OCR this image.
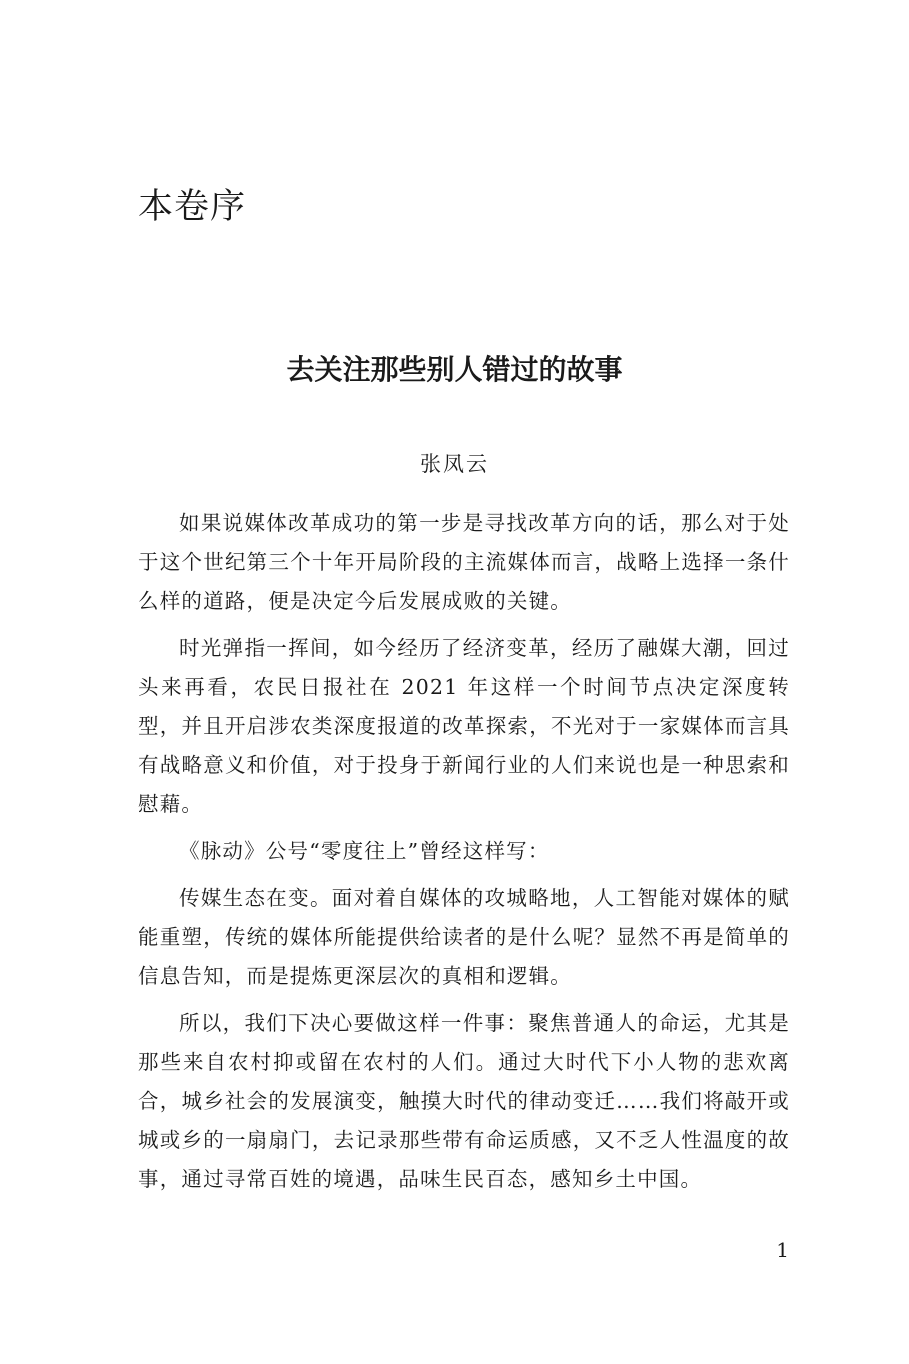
本卷序
去关注那些别人错过的故事
张凤云

如果说媒体改革成功的第一步是寻找改革方向的话，那么对于处于这个世纪第三个十年开局阶段的主流媒体而言，战略上选择一条什么样的道路，便是决定今后发展成败的关键。

时光弹指一挥间，如今经历了经济变革，经历了融媒大潮，回过头来再看，农民日报社在 2021 年这样一个时间节点决定深度转型，并且开启涉农类深度报道的改革探索，不光对于一家媒体而言具有战略意义和价值，对于投身于新闻行业的人们来说也是一种思索和慰藉。

《脉动》公号“零度往上”曾经这样写：

传媒生态在变。面对着自媒体的攻城略地，人工智能对媒体的赋能重塑，传统的媒体所能提供给读者的是什么呢？显然不再是简单的信息告知，而是提炼更深层次的真相和逻辑。

所以，我们下决心要做这样一件事：聚焦普通人的命运，尤其是那些来自农村抑或留在农村的人们。通过大时代下小人物的悲欢离合，城乡社会的发展演变，触摸大时代的律动变迁……我们将敲开或城或乡的一扇扇门，去记录那些带有命运质感，又不乏人性温度的故事，通过寻常百姓的境遇，品味生民百态，感知乡土中国。

1
